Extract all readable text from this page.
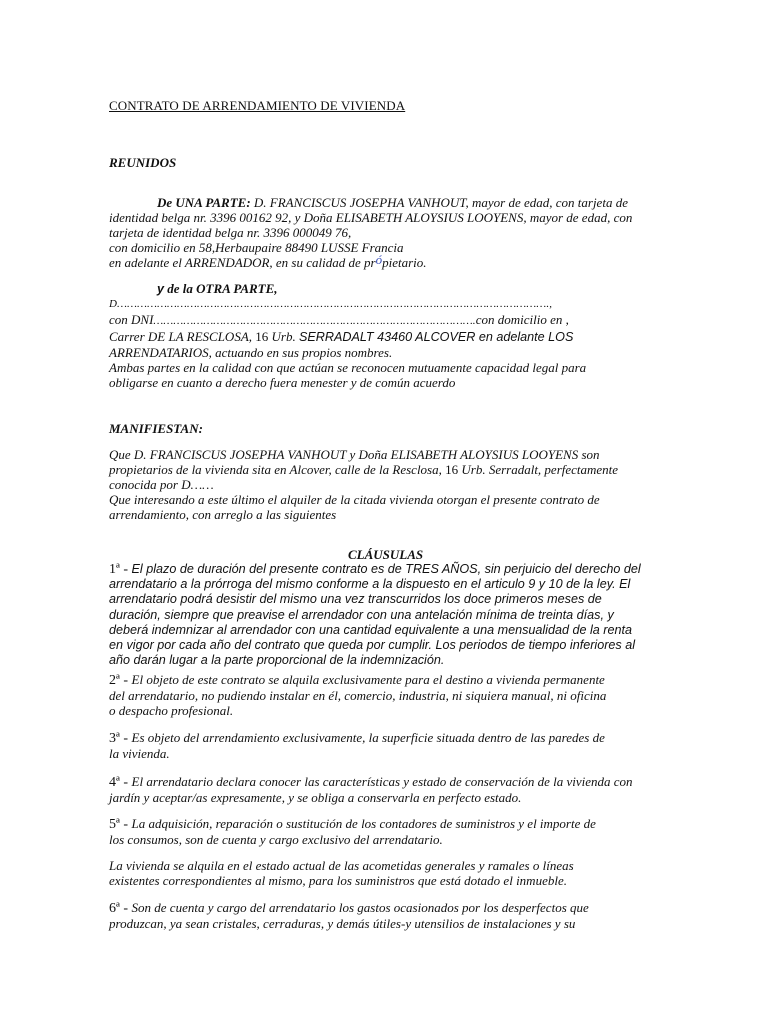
CONTRATO DE ARRENDAMIENTO DE VIVIENDA
REUNIDOS
De UNA PARTE: D. FRANCISCUS JOSEPHA VANHOUT, mayor de edad, con tarjeta de
identidad belga nr. 3396 00162 92, y Doña ELISABETH ALOYSIUS LOOYENS, mayor de edad, con
tarjeta de identidad belga nr. 3396 000049 76,
con domicilio en 58,Herbaupaire 88490 LUSSE Francia
en adelante el ARRENDADOR, en su calidad de própietario.
y de la OTRA PARTE,
D………………………………………………………………………………………………………………….,
con DNI…………………………………………………………………………………….con domicilio en ,
Carrer DE LA RESCLOSA, 16 Urb. SERRADALT 43460 ALCOVER en adelante LOS
ARRENDATARIOS, actuando en sus propios nombres.
Ambas partes en la calidad con que actúan se reconocen mutuamente capacidad legal para
obligarse en cuanto a derecho fuera menester y de común acuerdo
MANIFIESTAN:
Que D. FRANCISCUS JOSEPHA VANHOUT y Doña ELISABETH ALOYSIUS LOOYENS son
propietarios de la vivienda sita en Alcover, calle de la Resclosa, 16 Urb. Serradalt, perfectamente
conocida por D……
Que interesando a este último el alquiler de la citada vivienda otorgan el presente contrato de
arrendamiento, con arreglo a las siguientes
CLÁUSULAS
1ª - El plazo de duración del presente contrato es de TRES AÑOS, sin perjuicio del derecho del
arrendatario a la prórroga del mismo conforme a la dispuesto en el articulo 9 y 10 de la ley. El
arrendatario podrá desistir del mismo una vez transcurridos los doce primeros meses de
duración, siempre que preavise el arrendador con una antelación mínima de treinta días, y
deberá indemnizar al arrendador con una cantidad equivalente a una mensualidad de la renta
en vigor por cada año del contrato que queda por cumplir. Los periodos de tiempo inferiores al
año darán lugar a la parte proporcional de la indemnización.
2ª - El objeto de este contrato se alquila exclusivamente para el destino a vivienda permanente
del arrendatario, no pudiendo instalar en él, comercio, industria, ni siquiera manual, ni oficina
o despacho profesional.
3ª - Es objeto del arrendamiento exclusivamente, la superficie situada dentro de las paredes de
la vivienda.
4ª - El arrendatario declara conocer las características y estado de conservación de la vivienda con
jardín y aceptar/as expresamente, y se obliga a conservarla en perfecto estado.
5ª - La adquisición, reparación o sustitución de los contadores de suministros y el importe de
los consumos, son de cuenta y cargo exclusivo del arrendatario.
La vivienda se alquila en el estado actual de las acometidas generales y ramales o líneas
existentes correspondientes al mismo, para los suministros que está dotado el inmueble.
6ª - Son de cuenta y cargo del arrendatario los gastos ocasionados por los desperfectos que
produzcan, ya sean cristales, cerraduras, y demás útiles-y utensilios de instalaciones y su
